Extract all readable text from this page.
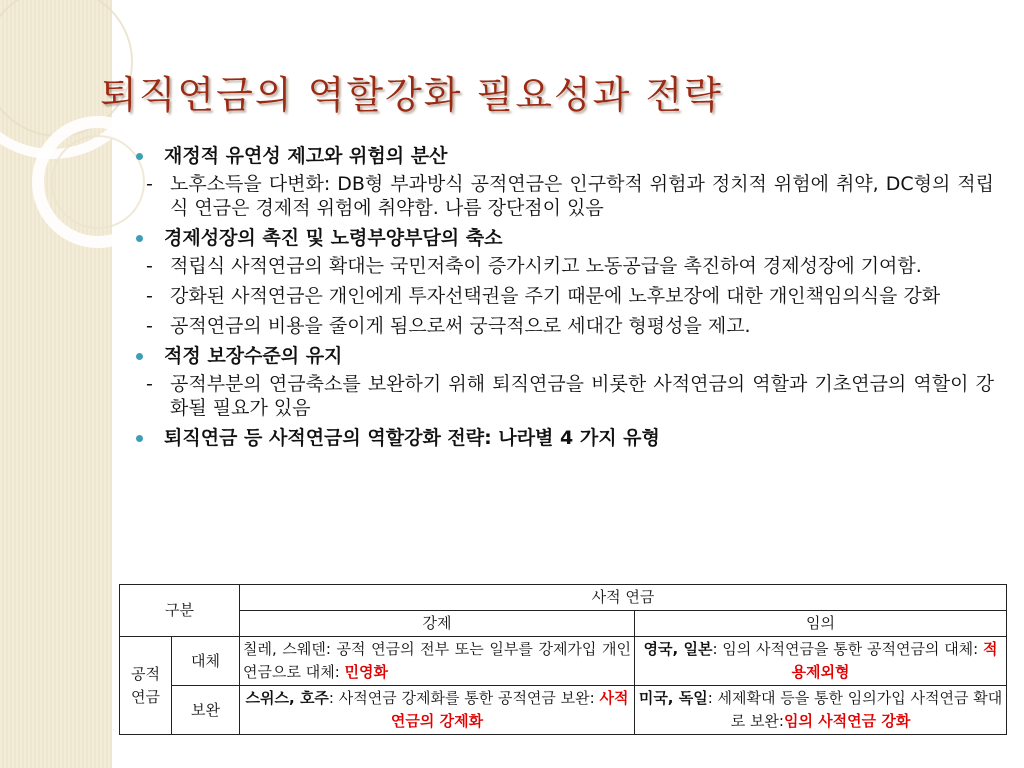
퇴직연금의 역할강화 필요성과 전략
재정적 유연성 제고와 위험의 분산
- 노후소득을 다변화: DB형 부과방식 공적연금은 인구학적 위험과 정치적 위험에 취약, DC형의 적립식 연금은 경제적 위험에 취약함. 나름 장단점이 있음
경제성장의 촉진 및 노령부양부담의 축소
- 적립식 사적연금의 확대는 국민저축이 증가시키고 노동공급을 촉진하여 경제성장에 기여함.
- 강화된 사적연금은 개인에게 투자선택권을 주기 때문에 노후보장에 대한 개인책임의식을 강화
- 공적연금의 비용을 줄이게 됨으로써 궁극적으로 세대간 형평성을 제고.
적정 보장수준의 유지
- 공적부분의 연금축소를 보완하기 위해 퇴직연금을 비롯한 사적연금의 역할과 기초연금의 역할이 강화될 필요가 있음
퇴직연금 등 사적연금의 역할강화 전략: 나라별 4 가지 유형
구분		사적 연금	
		강제	임의
공적
연금	대체	칠레, 스웨덴: 공적 연금의 전부 또는 일부를 강제가입 개인연금으로 대체: 민영화	영국, 일본: 임의 사적연금을 통한 공적연금의 대체: 적용제외형
	보완	스위스, 호주: 사적연금 강제화를 통한 공적연금 보완: 사적연금의 강제화	미국, 독일: 세제확대 등을 통한 임의가입 사적연금 확대로 보완:임의 사적연금 강화
